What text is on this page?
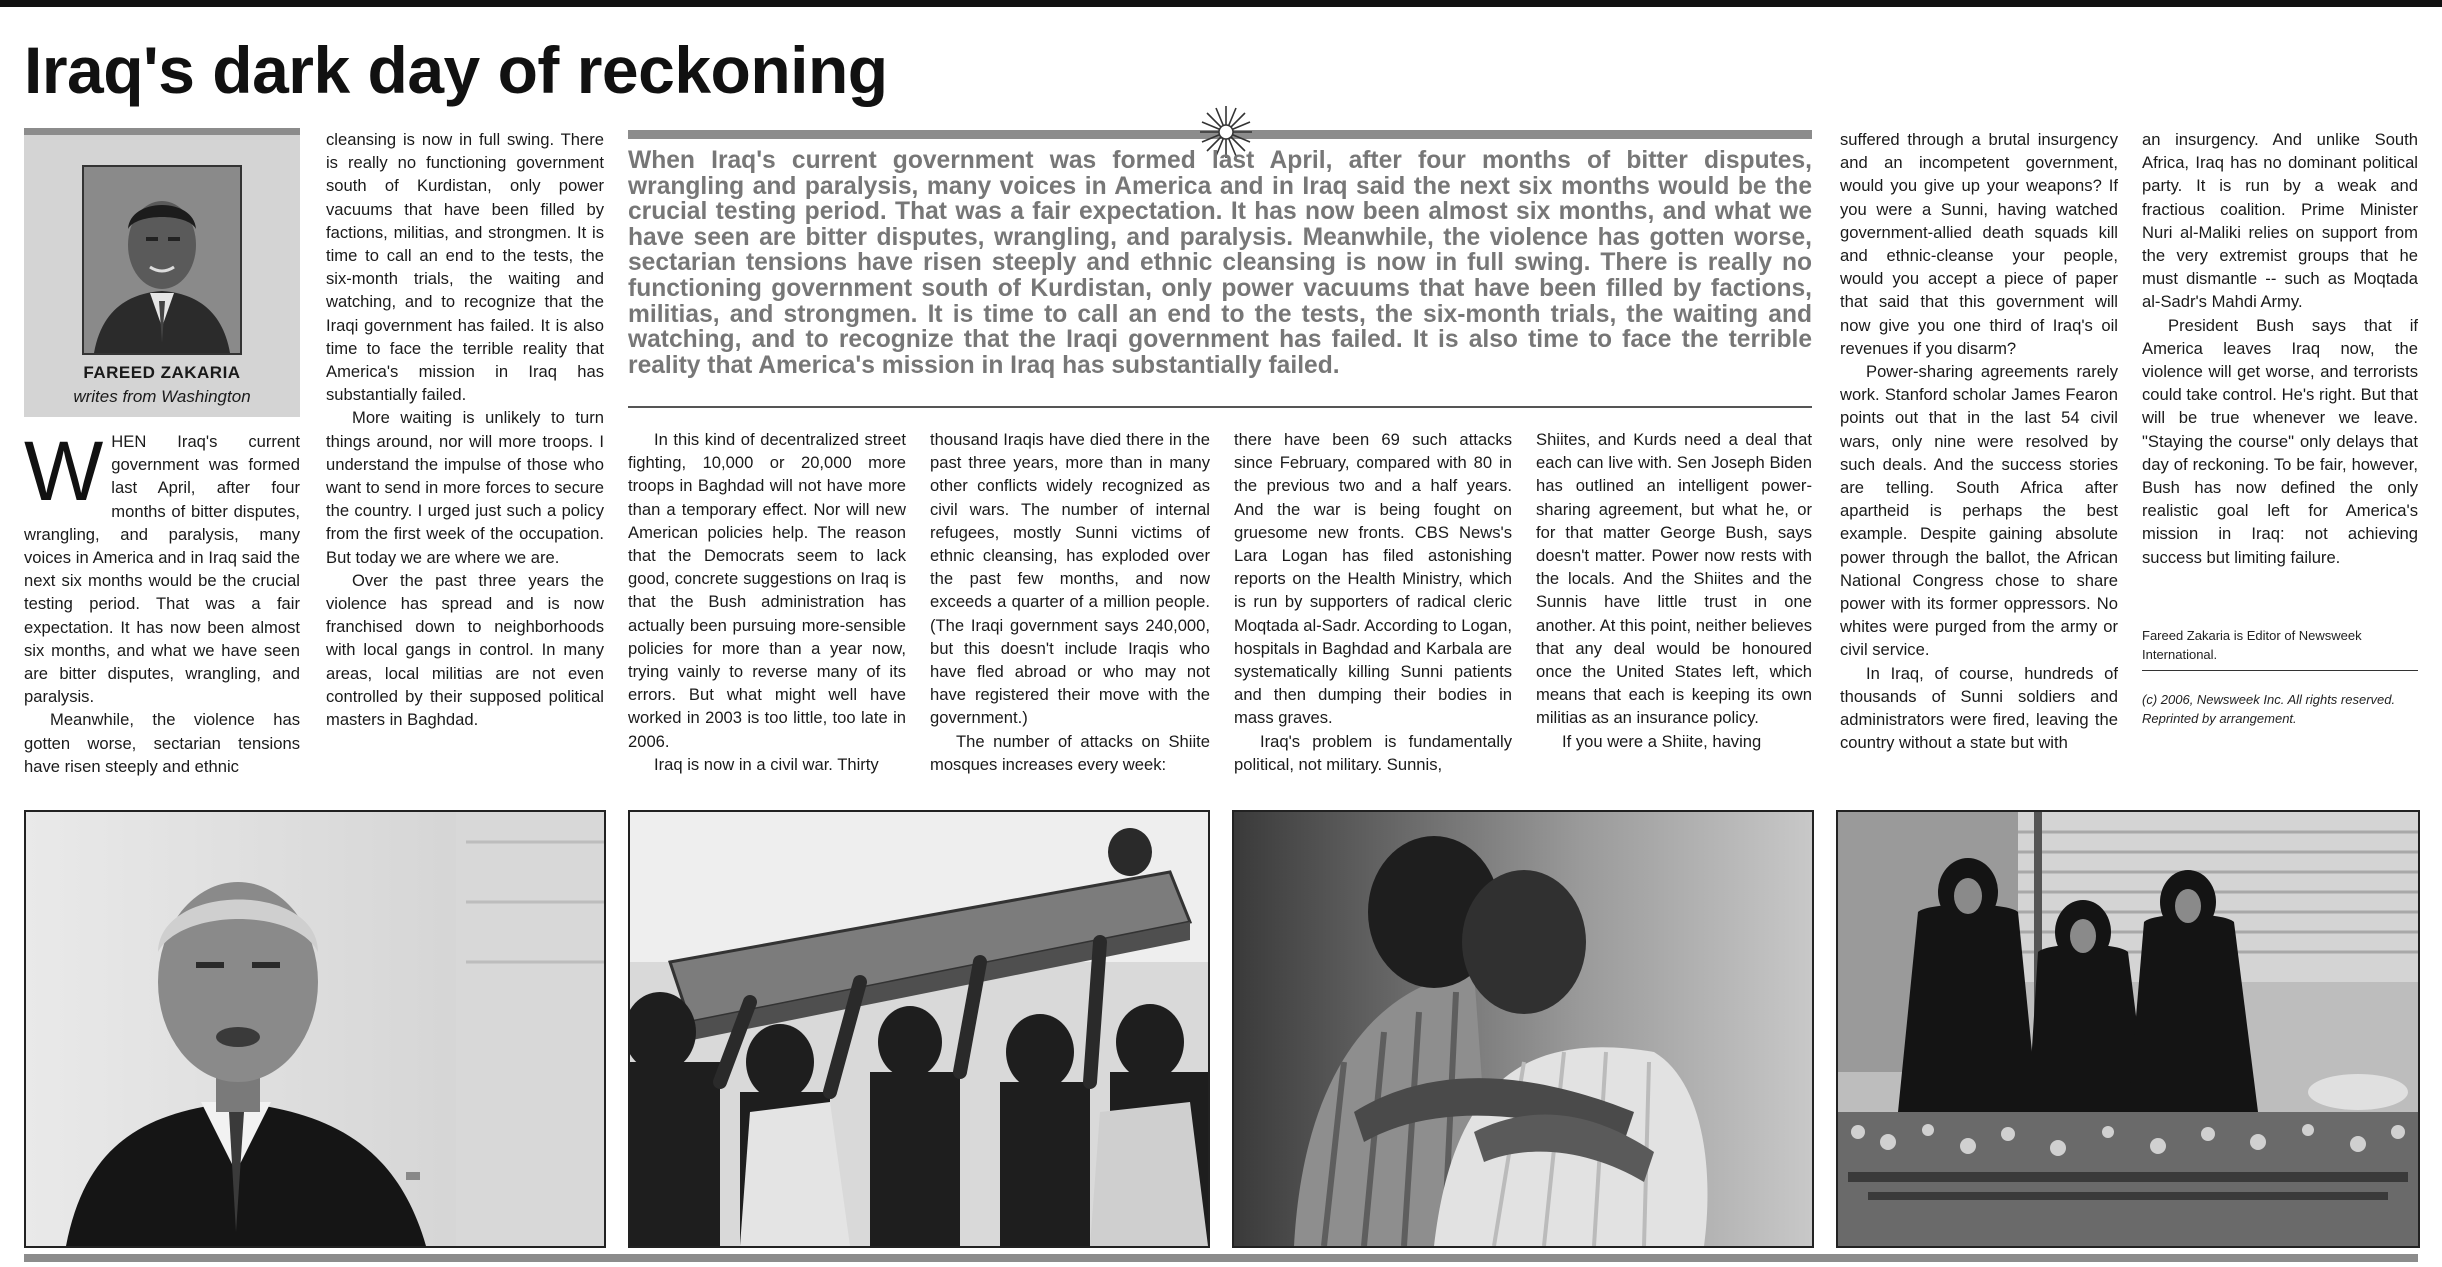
Iraq's dark day of reckoning
FAREED ZAKARIA
writes from Washington

WHEN Iraq's current government was formed last April, after four months of bitter disputes, wrangling, and paralysis, many voices in America and in Iraq said the next six months would be the crucial testing period. That was a fair expectation. It has now been almost six months, and what we have seen are bitter disputes, wrangling, and paralysis.

Meanwhile, the violence has gotten worse, sectarian tensions have risen steeply and ethnic

cleansing is now in full swing. There is really no functioning government south of Kurdistan, only power vacuums that have been filled by factions, militias, and strongmen. It is time to call an end to the tests, the six-month trials, the waiting and watching, and to recognize that the Iraqi government has failed. It is also time to face the terrible reality that America's mission in Iraq has substantially failed.

More waiting is unlikely to turn things around, nor will more troops. I understand the impulse of those who want to send in more forces to secure the country. I urged just such a policy from the first week of the occupation. But today we are where we are.

Over the past three years the violence has spread and is now franchised down to neighborhoods with local gangs in control. In many areas, local militias are not even controlled by their supposed political masters in Baghdad.

When Iraq's current government was formed last April, after four months of bitter disputes, wrangling and paralysis, many voices in America and in Iraq said the next six months would be the crucial testing period. That was a fair expectation. It has now been almost six months, and what we have seen are bitter disputes, wrangling, and paralysis. Meanwhile, the violence has gotten worse, sectarian tensions have risen steeply and ethnic cleansing is now in full swing. There is really no functioning government south of Kurdistan, only power vacuums that have been filled by factions, militias, and strongmen. It is time to call an end to the tests, the six-month trials, the waiting and watching, and to recognize that the Iraqi government has failed. It is also time to face the terrible reality that America's mission in Iraq has substantially failed.

In this kind of decentralized street fighting, 10,000 or 20,000 more troops in Baghdad will not have more than a temporary effect. Nor will new American policies help. The reason that the Democrats seem to lack good, concrete suggestions on Iraq is that the Bush administration has actually been pursuing more-sensible policies for more than a year now, trying vainly to reverse many of its errors. But what might well have worked in 2003 is too little, too late in 2006.

Iraq is now in a civil war. Thirty

thousand Iraqis have died there in the past three years, more than in many other conflicts widely recognized as civil wars. The number of internal refugees, mostly Sunni victims of ethnic cleansing, has exploded over the past few months, and now exceeds a quarter of a million people. (The Iraqi government says 240,000, but this doesn't include Iraqis who have fled abroad or who may not have registered their move with the government.)

The number of attacks on Shiite mosques increases every week:

there have been 69 such attacks since February, compared with 80 in the previous two and a half years. And the war is being fought on gruesome new fronts. CBS News's Lara Logan has filed astonishing reports on the Health Ministry, which is run by supporters of radical cleric Moqtada al-Sadr. According to Logan, hospitals in Baghdad and Karbala are systematically killing Sunni patients and then dumping their bodies in mass graves.

Iraq's problem is fundamentally political, not military. Sunnis,

Shiites, and Kurds need a deal that each can live with. Sen Joseph Biden has outlined an intelligent power-sharing agreement, but what he, or for that matter George Bush, says doesn't matter. Power now rests with the locals. And the Shiites and the Sunnis have little trust in one another. At this point, neither believes that any deal would be honoured once the United States left, which means that each is keeping its own militias as an insurance policy.

If you were a Shiite, having

suffered through a brutal insurgency and an incompetent government, would you give up your weapons? If you were a Sunni, having watched government-allied death squads kill and ethnic-cleanse your people, would you accept a piece of paper that said that this government will now give you one third of Iraq's oil revenues if you disarm?

Power-sharing agreements rarely work. Stanford scholar James Fearon points out that in the last 54 civil wars, only nine were resolved by such deals. And the success stories are telling. South Africa after apartheid is perhaps the best example. Despite gaining absolute power through the ballot, the African National Congress chose to share power with its former oppressors. No whites were purged from the army or civil service.

In Iraq, of course, hundreds of thousands of Sunni soldiers and administrators were fired, leaving the country without a state but with

an insurgency. And unlike South Africa, Iraq has no dominant political party. It is run by a weak and fractious coalition. Prime Minister Nuri al-Maliki relies on support from the very extremist groups that he must dismantle -- such as Moqtada al-Sadr's Mahdi Army.

President Bush says that if America leaves Iraq now, the violence will get worse, and terrorists could take control. He's right. But that will be true whenever we leave. "Staying the course" only delays that day of reckoning. To be fair, however, Bush has now defined the only realistic goal left for America's mission in Iraq: not achieving success but limiting failure.

Fareed Zakaria is Editor of Newsweek International.
(c) 2006, Newsweek Inc. All rights reserved. Reprinted by arrangement.
